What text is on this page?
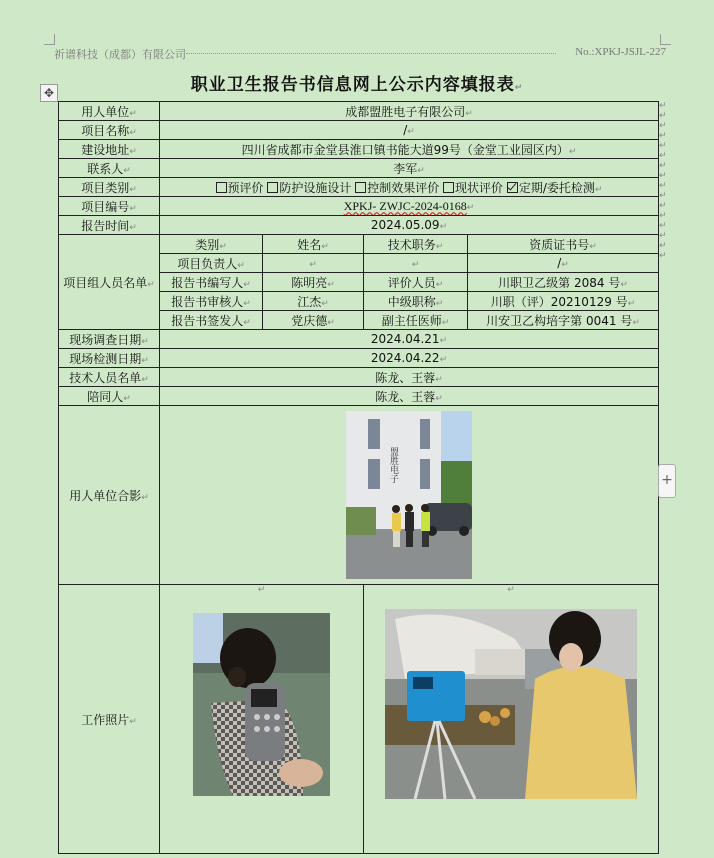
祈谱科技（成都）有限公司	No.:XPKJ-JSJL-227
职业卫生报告书信息网上公示内容填报表↵
✥
用人单位↵	成都盟胜电子有限公司↵			
项目名称↵	/↵			
建设地址↵	四川省成都市金堂县淮口镇书能大道99号（金堂工业园区内）↵			
联系人↵	李军↵			
项目类别↵	预评价 防护设施设计 控制效果评价 现状评价 定期/委托检测↵			
项目编号↵	XPKJ- ZWJC-2024-0168↵			
报告时间↵	2024.05.09↵			
项目组人员名单↵	类别↵	姓名↵	技术职务↵	资质证书号↵
	项目负责人↵	↵	↵	/↵
	报告书编写人↵	陈明亮↵	评价人员↵	川职卫乙级第 2084 号↵
	报告书审核人↵	江杰↵	中级职称↵	川职（评）20210129 号↵
	报告书签发人↵	党庆德↵	副主任医师↵	川安卫乙构培字第 0041 号↵
现场调查日期↵	2024.04.21↵			
现场检测日期↵	2024.04.22↵			
技术人员名单↵	陈龙、王蓉↵			
陪同人↵	陈龙、王蓉↵			
用人单位合影↵	盟胜电子			

工作照片↵	↵		↵	
↵
↵
↵
↵
↵
↵
↵
↵
↵
↵
↵
↵
↵
↵
↵
↵
+
